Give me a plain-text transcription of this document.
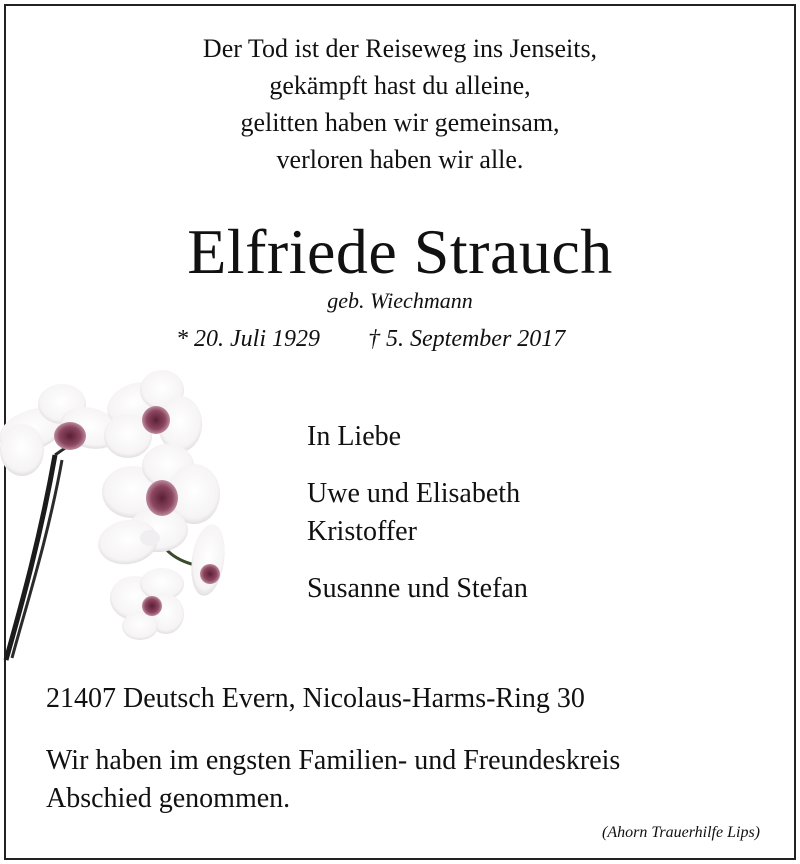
Der Tod ist der Reiseweg ins Jenseits,
gekämpft hast du alleine,
gelitten haben wir gemeinsam,
verloren haben wir alle.
Elfriede Strauch
geb. Wiechmann
* 20. Juli 1929 † 5. September 2017
In Liebe
Uwe und Elisabeth
Kristoffer
Susanne und Stefan
21407 Deutsch Evern, Nicolaus-Harms-Ring 30
Wir haben im engsten Familien- und Freundeskreis
Abschied genommen.
(Ahorn Trauerhilfe Lips)
